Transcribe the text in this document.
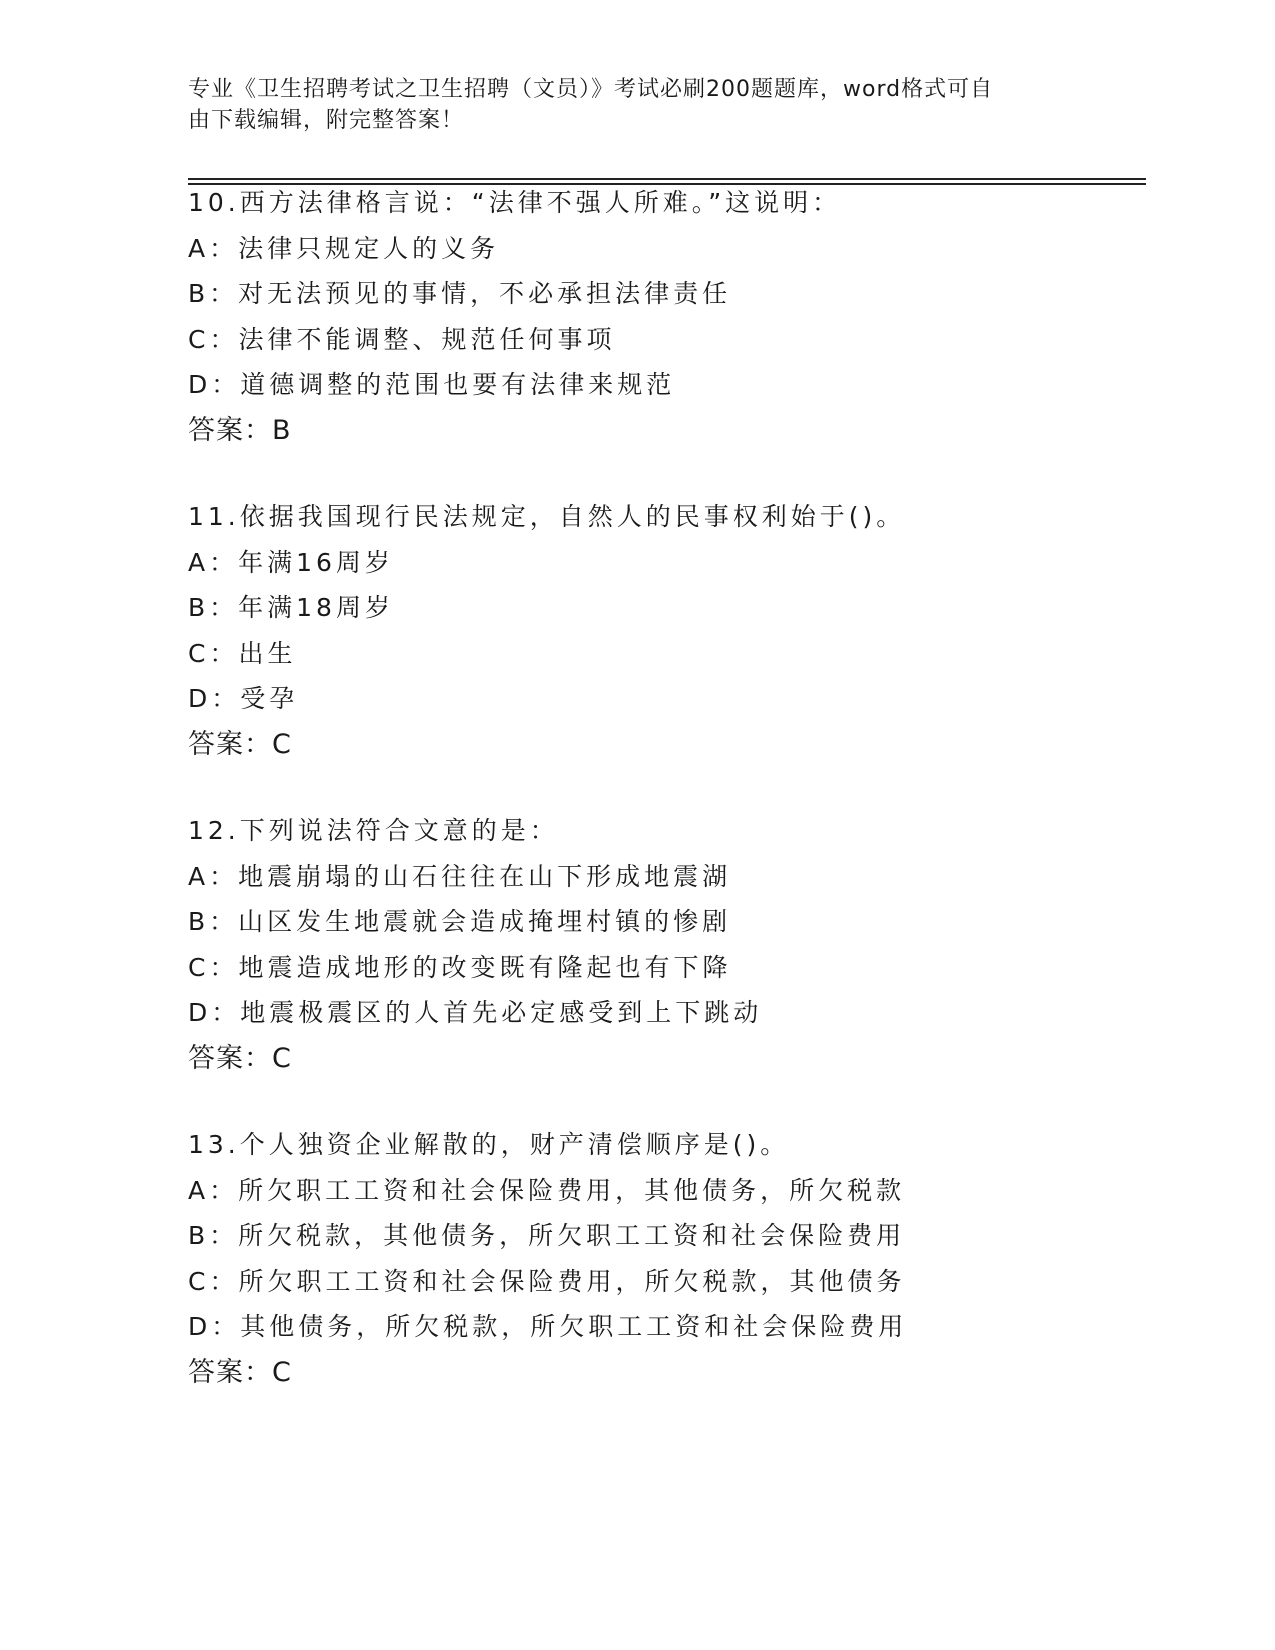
专业《卫生招聘考试之卫生招聘（文员）》考试必刷200题题库，word格式可自
由下载编辑，附完整答案！
10.西方法律格言说：“法律不强人所难。”这说明：
A：法律只规定人的义务
B：对无法预见的事情，不必承担法律责任
C：法律不能调整、规范任何事项
D：道德调整的范围也要有法律来规范
答案：B
11.依据我国现行民法规定，自然人的民事权利始于()。
A：年满16周岁
B：年满18周岁
C：出生
D：受孕
答案：C
12.下列说法符合文意的是：
A：地震崩塌的山石往往在山下形成地震湖
B：山区发生地震就会造成掩埋村镇的惨剧
C：地震造成地形的改变既有隆起也有下降
D：地震极震区的人首先必定感受到上下跳动
答案：C
13.个人独资企业解散的，财产清偿顺序是()。
A：所欠职工工资和社会保险费用，其他债务，所欠税款
B：所欠税款，其他债务，所欠职工工资和社会保险费用
C：所欠职工工资和社会保险费用，所欠税款，其他债务
D：其他债务，所欠税款，所欠职工工资和社会保险费用
答案：C
